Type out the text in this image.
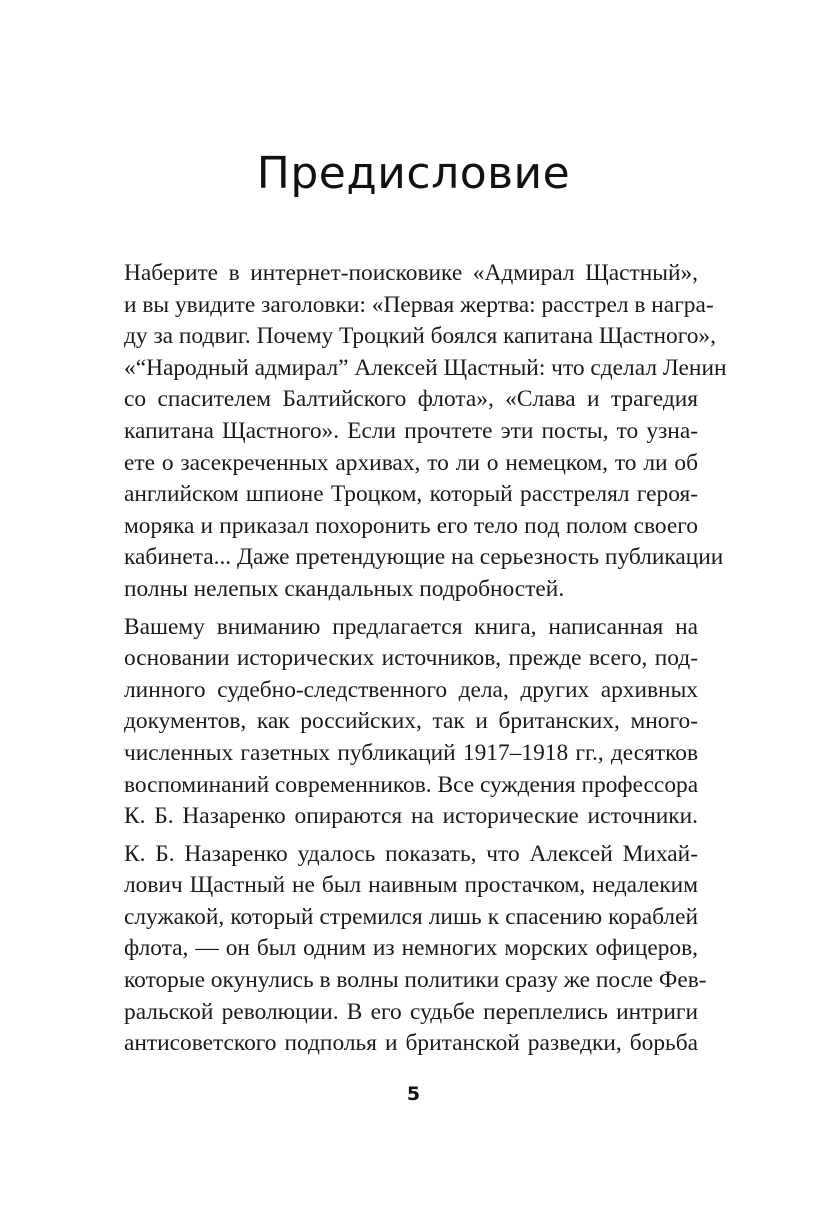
Предисловие

Наберите в интернет-поисковике «Адмирал Щастный»,
и вы увидите заголовки: «Первая жертва: расстрел в награ-
ду за подвиг. Почему Троцкий боялся капитана Щастного»,
«“Народный адмирал” Алексей Щастный: что сделал Ленин
со спасителем Балтийского флота», «Слава и трагедия
капитана Щастного». Если прочтете эти посты, то узна-
ете о засекреченных архивах, то ли о немецком, то ли об
английском шпионе Троцком, который расстрелял героя-
моряка и приказал похоронить его тело под полом своего
кабинета... Даже претендующие на серьезность публикации
полны нелепых скандальных подробностей.

Вашему вниманию предлагается книга, написанная на
основании исторических источников, прежде всего, под-
линного судебно-следственного дела, других архивных
документов, как российских, так и британских, много-
численных газетных публикаций 1917–1918 гг., десятков
воспоминаний современников. Все суждения профессора
К. Б. Назаренко опираются на исторические источники.

К. Б. Назаренко удалось показать, что Алексей Михай-
лович Щастный не был наивным простачком, недалеким
служакой, который стремился лишь к спасению кораблей
флота, — он был одним из немногих морских офицеров,
которые окунулись в волны политики сразу же после Фев-
ральской революции. В его судьбе переплелись интриги
антисоветского подполья и британской разведки, борьба

5
